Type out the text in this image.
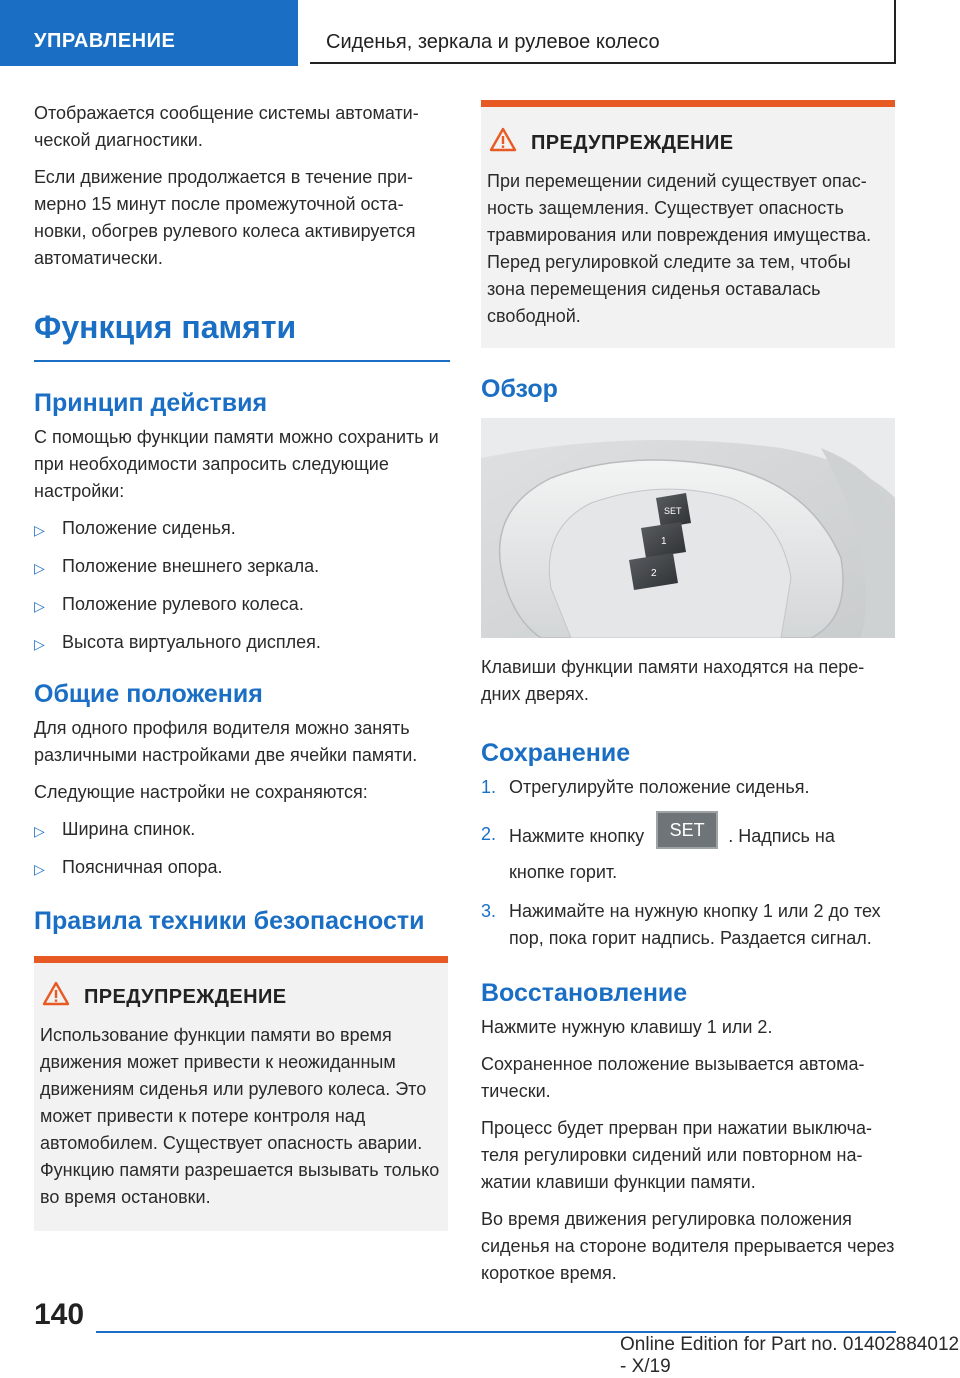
УПРАВЛЕНИЕ	Сиденья, зеркала и рулевое колесо

Отображается сообщение системы автоматической диагностики.

Если движение продолжается в течение примерно 15 минут после промежуточной остановки, обогрев рулевого колеса активируется автоматически.

Функция памяти
Принцип действия

С помощью функции памяти можно сохранить и при необходимости запросить следующие настройки:

▷ Положение сиденья.
▷ Положение внешнего зеркала.
▷ Положение рулевого колеса.
▷ Высота виртуального дисплея.
Общие положения

Для одного профиля водителя можно занять различными настройками две ячейки памяти.

Следующие настройки не сохраняются:

▷ Ширина спинок.
▷ Поясничная опора.
Правила техники безопасности
ПРЕДУПРЕЖДЕНИЕ

Использование функции памяти во время движения может привести к неожиданным движениям сиденья или рулевого колеса. Это может привести к потере контроля над автомобилем. Существует опасность аварии. Функцию памяти разрешается вызывать только во время остановки.

ПРЕДУПРЕЖДЕНИЕ

При перемещении сидений существует опасность защемления. Существует опасность травмирования или повреждения имущества. Перед регулировкой следите за тем, чтобы зона перемещения сиденья оставалась свободной.

Обзор
SET
1
2

Клавиши функции памяти находятся на передних дверях.

Сохранение
1. Отрегулируйте положение сиденья.
2. Нажмите кнопку SET . Надпись на кнопке горит.
3. Нажимайте на нужную кнопку 1 или 2 до тех пор, пока горит надпись. Раздается сигнал.
Восстановление

Нажмите нужную клавишу 1 или 2.

Сохраненное положение вызывается автоматически.

Процесс будет прерван при нажатии выключателя регулировки сидений или повторном нажатии клавиши функции памяти.

Во время движения регулировка положения сиденья на стороне водителя прерывается через короткое время.

140
Online Edition for Part no. 01402884012 - X/19
